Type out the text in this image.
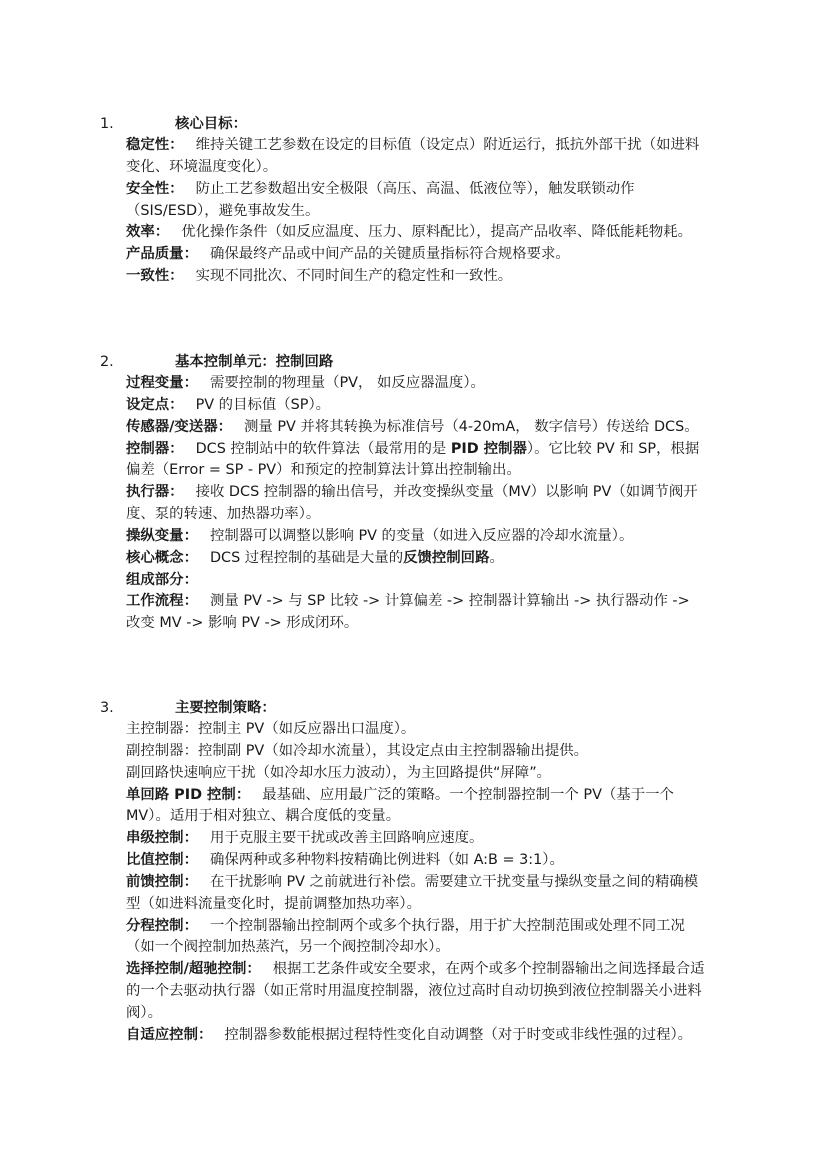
1.	核心目标：

稳定性： 维持关键工艺参数在设定的目标值（设定点）附近运行，抵抗外部干扰（如进料变化、环境温度变化）。

安全性： 防止工艺参数超出安全极限（高压、高温、低液位等），触发联锁动作（SIS/ESD），避免事故发生。

效率： 优化操作条件（如反应温度、压力、原料配比），提高产品收率、降低能耗物耗。

产品质量： 确保最终产品或中间产品的关键质量指标符合规格要求。

一致性： 实现不同批次、不同时间生产的稳定性和一致性。

2.	基本控制单元：控制回路

过程变量： 需要控制的物理量（PV， 如反应器温度）。

设定点： PV 的目标值（SP）。

传感器/变送器： 测量 PV 并将其转换为标准信号（4-20mA， 数字信号）传送给 DCS。

控制器： DCS 控制站中的软件算法（最常用的是 PID 控制器）。它比较 PV 和 SP，根据偏差（Error = SP - PV）和预定的控制算法计算出控制输出。

执行器： 接收 DCS 控制器的输出信号，并改变操纵变量（MV）以影响 PV（如调节阀开度、泵的转速、加热器功率）。

操纵变量： 控制器可以调整以影响 PV 的变量（如进入反应器的冷却水流量）。

核心概念： DCS 过程控制的基础是大量的反馈控制回路。

组成部分：

工作流程： 测量 PV -> 与 SP 比较 -> 计算偏差 -> 控制器计算输出 -> 执行器动作 -> 改变 MV -> 影响 PV -> 形成闭环。

3.	主要控制策略：

主控制器：控制主 PV（如反应器出口温度）。

副控制器：控制副 PV（如冷却水流量），其设定点由主控制器输出提供。

副回路快速响应干扰（如冷却水压力波动），为主回路提供“屏障”。

单回路 PID 控制： 最基础、应用最广泛的策略。一个控制器控制一个 PV（基于一个 MV）。适用于相对独立、耦合度低的变量。

串级控制： 用于克服主要干扰或改善主回路响应速度。

比值控制： 确保两种或多种物料按精确比例进料（如 A:B = 3:1）。

前馈控制： 在干扰影响 PV 之前就进行补偿。需要建立干扰变量与操纵变量之间的精确模型（如进料流量变化时，提前调整加热功率）。

分程控制： 一个控制器输出控制两个或多个执行器，用于扩大控制范围或处理不同工况（如一个阀控制加热蒸汽，另一个阀控制冷却水）。

选择控制/超驰控制： 根据工艺条件或安全要求，在两个或多个控制器输出之间选择最合适的一个去驱动执行器（如正常时用温度控制器，液位过高时自动切换到液位控制器关小进料阀）。

自适应控制： 控制器参数能根据过程特性变化自动调整（对于时变或非线性强的过程）。
